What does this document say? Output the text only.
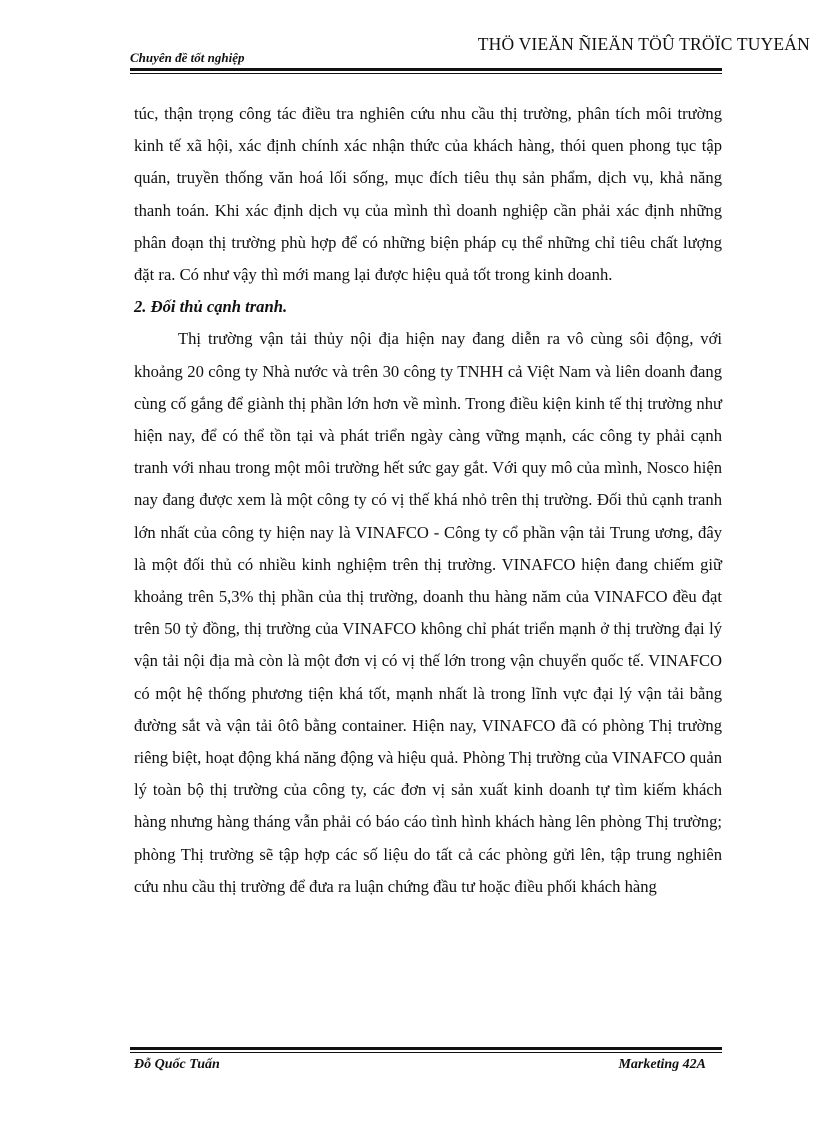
Chuyên đề tốt nghiệp
THÖ VIEÄN ÑIEÄN TÖÛ TRÖÏC TUYEÁN

túc, thận trọng công tác điều tra nghiên cứu nhu cầu thị trường, phân tích môi trường kinh tế xã hội, xác định chính xác nhận thức của khách hàng, thói quen phong tục tập quán, truyền thống văn hoá lối sống, mục đích tiêu thụ sản phẩm, dịch vụ, khả năng thanh toán. Khi xác định dịch vụ của mình thì doanh nghiệp cần phải xác định những phân đoạn thị trường phù hợp để có những biện pháp cụ thể những chỉ tiêu chất lượng đặt ra. Có như vậy thì mới mang lại được hiệu quả tốt trong kinh doanh.

2. Đối thủ cạnh tranh.

Thị trường vận tải thủy nội địa hiện nay đang diễn ra vô cùng sôi động, với khoảng 20 công ty Nhà nước và trên 30 công ty TNHH cả Việt Nam và liên doanh đang cùng cố gắng để giành thị phần lớn hơn về mình. Trong điều kiện kinh tế thị trường như hiện nay, để có thể tồn tại và phát triển ngày càng vững mạnh, các công ty phải cạnh tranh với nhau trong một môi trường hết sức gay gắt. Với quy mô của mình, Nosco hiện nay đang được xem là một công ty có vị thế khá nhỏ trên thị trường. Đối thủ cạnh tranh lớn nhất của công ty hiện nay là VINAFCO - Công ty cổ phần vận tải Trung ương, đây là một đối thủ có nhiều kinh nghiệm trên thị trường. VINAFCO hiện đang chiếm giữ khoảng trên 5,3% thị phần của thị trường, doanh thu hàng năm của VINAFCO đều đạt trên 50 tỷ đồng, thị trường của VINAFCO không chỉ phát triển mạnh ở thị trường đại lý vận tải nội địa mà còn là một đơn vị có vị thế lớn trong vận chuyển quốc tế. VINAFCO có một hệ thống phương tiện khá tốt, mạnh nhất là trong lĩnh vực đại lý vận tải bằng đường sắt và vận tải ôtô bằng container. Hiện nay, VINAFCO đã có phòng Thị trường riêng biệt, hoạt động khá năng động và hiệu quả. Phòng Thị trường của VINAFCO quản lý toàn bộ thị trường của công ty, các đơn vị sản xuất kinh doanh tự tìm kiếm khách hàng nhưng hàng tháng vẫn phải có báo cáo tình hình khách hàng lên phòng Thị trường; phòng Thị trường sẽ tập hợp các số liệu do tất cả các phòng gửi lên, tập trung nghiên cứu nhu cầu thị trường để đưa ra luận chứng đầu tư hoặc điều phối khách hàng

Đỗ Quốc Tuấn	Marketing 42A
